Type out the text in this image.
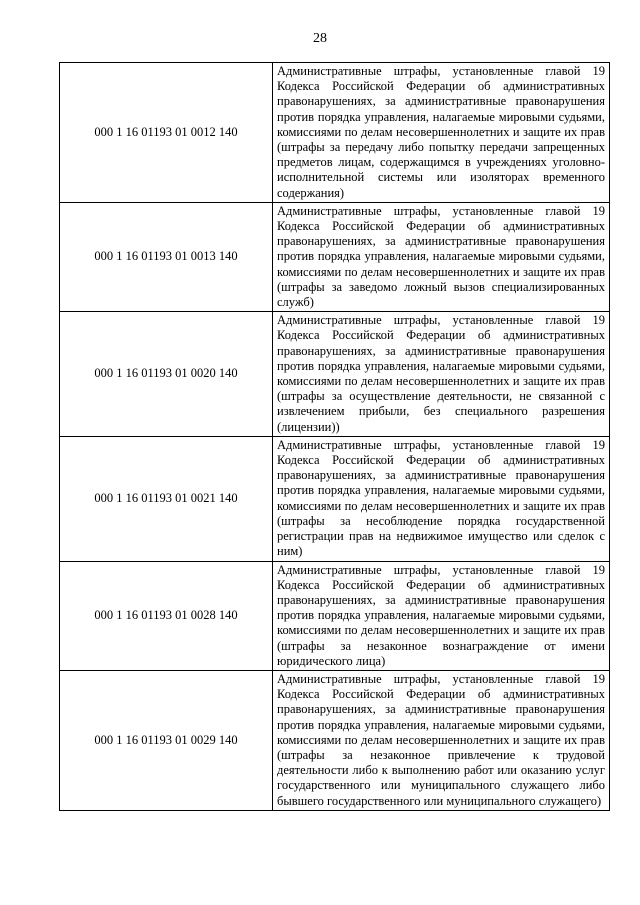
28
000 1 16 01193 01 0012 140	Административные штрафы, установленные главой 19 Кодекса Российской Федерации об административных правонарушениях, за административные правонарушения против порядка управления, налагаемые мировыми судьями, комиссиями по делам несовершеннолетних и защите их прав (штрафы за передачу либо попытку передачи запрещенных предметов лицам, содержащимся в учреждениях уголовно-исполнительной системы или изоляторах временного содержания)
000 1 16 01193 01 0013 140	Административные штрафы, установленные главой 19 Кодекса Российской Федерации об административных правонарушениях, за административные правонарушения против порядка управления, налагаемые мировыми судьями, комиссиями по делам несовершеннолетних и защите их прав (штрафы за заведомо ложный вызов специализированных служб)
000 1 16 01193 01 0020 140	Административные штрафы, установленные главой 19 Кодекса Российской Федерации об административных правонарушениях, за административные правонарушения против порядка управления, налагаемые мировыми судьями, комиссиями по делам несовершеннолетних и защите их прав (штрафы за осуществление деятельности, не связанной с извлечением прибыли, без специального разрешения (лицензии))
000 1 16 01193 01 0021 140	Административные штрафы, установленные главой 19 Кодекса Российской Федерации об административных правонарушениях, за административные правонарушения против порядка управления, налагаемые мировыми судьями, комиссиями по делам несовершеннолетних и защите их прав (штрафы за несоблюдение порядка государственной регистрации прав на недвижимое имущество или сделок с ним)
000 1 16 01193 01 0028 140	Административные штрафы, установленные главой 19 Кодекса Российской Федерации об административных правонарушениях, за административные правонарушения против порядка управления, налагаемые мировыми судьями, комиссиями по делам несовершеннолетних и защите их прав (штрафы за незаконное вознаграждение от имени юридического лица)
000 1 16 01193 01 0029 140	Административные штрафы, установленные главой 19 Кодекса Российской Федерации об административных правонарушениях, за административные правонарушения против порядка управления, налагаемые мировыми судьями, комиссиями по делам несовершеннолетних и защите их прав (штрафы за незаконное привлечение к трудовой деятельности либо к выполнению работ или оказанию услуг государственного или муниципального служащего либо бывшего государственного или муниципального служащего)
